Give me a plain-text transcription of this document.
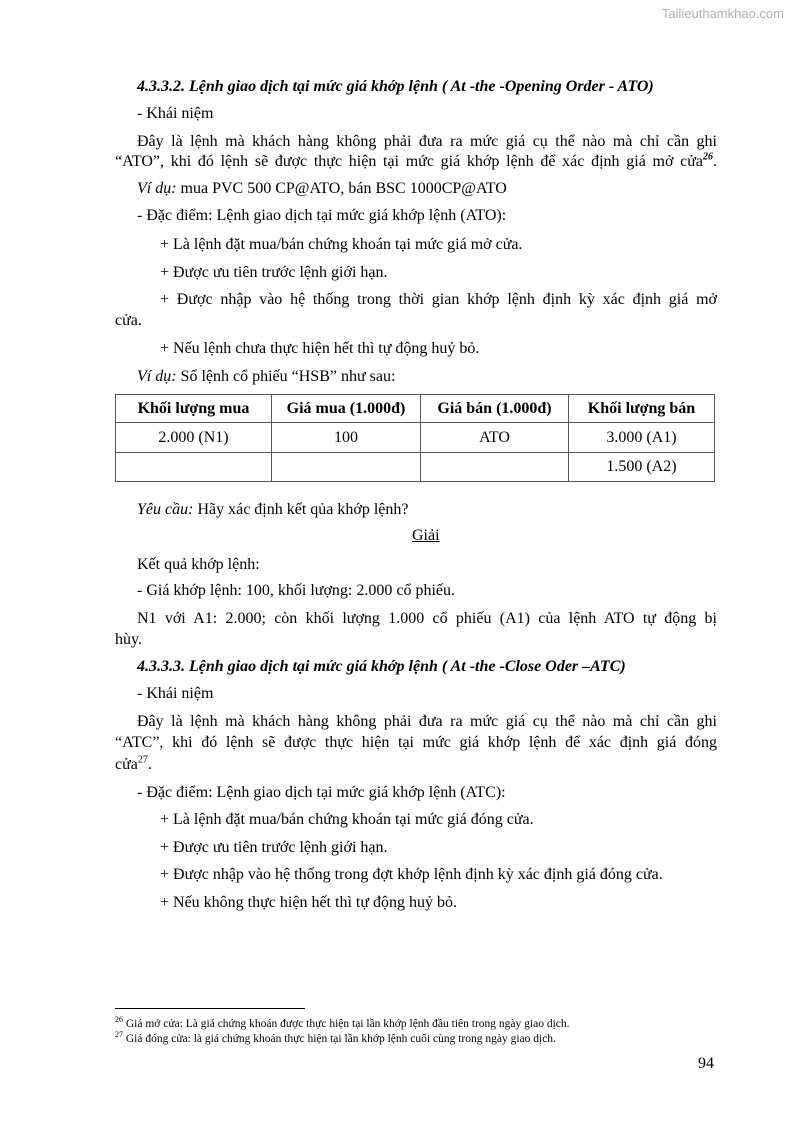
Tailieuthamkhao.com
4.3.3.2. Lệnh giao dịch tại mức giá khớp lệnh ( At -the -Opening Order - ATO)
- Khái niệm
Đây là lệnh mà khách hàng không phải đưa ra mức giá cụ thể nào mà chỉ cần ghi
“ATO”, khi đó lệnh sẽ được thực hiện tại mức giá khớp lệnh để xác định giá mở cửa$^{26}$.
Ví dụ: mua PVC 500 CP@ATO, bán BSC 1000CP@ATO
- Đặc điểm: Lệnh giao dịch tại mức giá khớp lệnh (ATO):
+ Là lệnh đặt mua/bán chứng khoán tại mức giá mở cửa.
+ Được ưu tiên trước lệnh giới hạn.
+ Được nhập vào hệ thống trong thời gian khớp lệnh định kỳ xác định giá mở
cửa.
+ Nếu lệnh chưa thực hiện hết thì tự động huỷ bỏ.
Ví dụ: Sổ lệnh cổ phiếu “HSB” như sau:
Khối lượng mua	Giá mua (1.000đ)	Giá bán (1.000đ)	Khối lượng bán
2.000 (N1)	100	ATO	3.000 (A1)
			1.500 (A2)
Yêu cầu: Hãy xác định kết qủa khớp lệnh?
Giải
Kết quả khớp lệnh:
- Giá khớp lệnh: 100, khối lượng: 2.000 cổ phiếu.
N1 với A1: 2.000; còn khối lượng 1.000 cổ phiếu (A1) của lệnh ATO tự động bị
hùy.
4.3.3.3. Lệnh giao dịch tại mức giá khớp lệnh ( At -the -Close Oder –ATC)
- Khái niệm
Đây là lệnh mà khách hàng không phải đưa ra mức giá cụ thể nào mà chỉ cần ghi
“ATC”, khi đó lệnh sẽ được thực hiện tại mức giá khớp lệnh để xác định giá đóng
cửa$^{27}$.
- Đặc điểm: Lệnh giao dịch tại mức giá khớp lệnh (ATC):
+ Là lệnh đặt mua/bán chứng khoán tại mức giá đóng cửa.
+ Được ưu tiên trước lệnh giới hạn.
+ Được nhập vào hệ thống trong đợt khớp lệnh định kỳ xác định giá đóng cửa.
+ Nếu không thực hiện hết thì tự động huỷ bỏ.
$^{26}$ Giá mở cửa: Là giá chứng khoán được thực hiện tại lần khớp lệnh đầu tiên trong ngày giao dịch.
$^{27}$ Giá đóng cửa: là giá chứng khoán thực hiện tại lần khớp lệnh cuối cùng trong ngày giao dịch.
94
